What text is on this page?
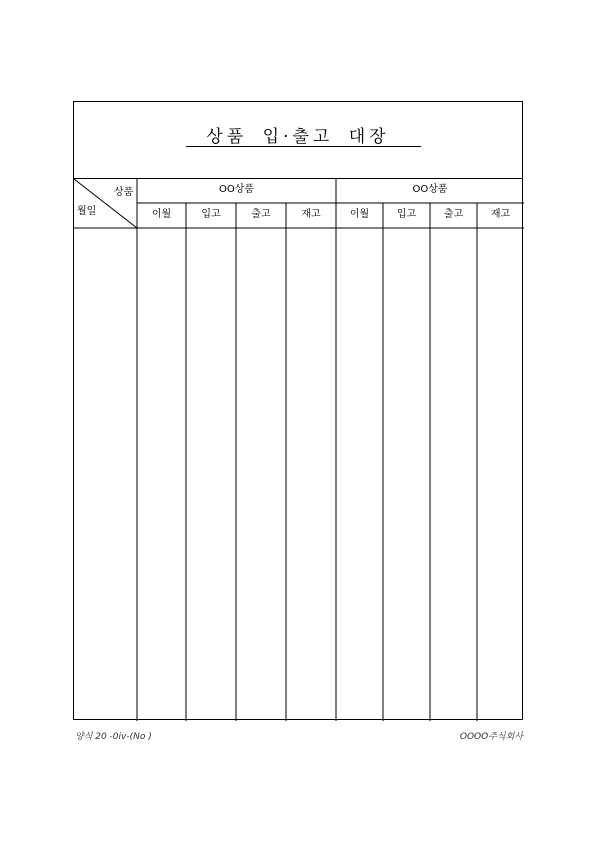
상품 입·출고 대장
상품
월일
OO상품	OO상품
이월	입고	출고	재고	이월	입고	출고	재고
양식 20 -0iv-(No )	OOOO주식회사
